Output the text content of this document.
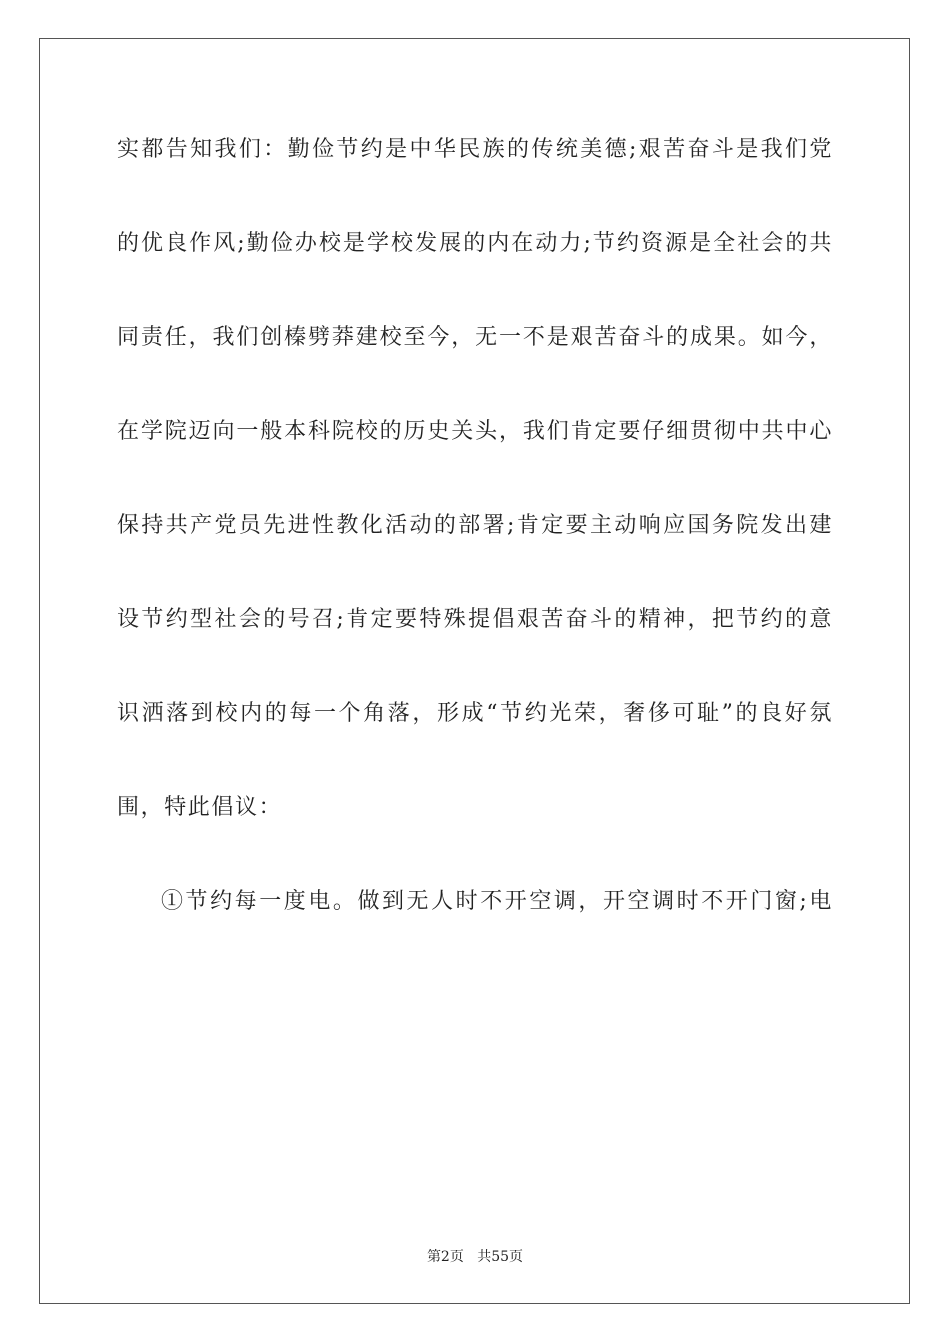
实都告知我们：勤俭节约是中华民族的传统美德;艰苦奋斗是我们党
的优良作风;勤俭办校是学校发展的内在动力;节约资源是全社会的共
同责任，我们创榛劈莽建校至今，无一不是艰苦奋斗的成果。如今，
在学院迈向一般本科院校的历史关头，我们肯定要仔细贯彻中共中心
保持共产党员先进性教化活动的部署;肯定要主动响应国务院发出建
设节约型社会的号召;肯定要特殊提倡艰苦奋斗的精神，把节约的意
识洒落到校内的每一个角落，形成“节约光荣，奢侈可耻”的良好氛
围，特此倡议：
①节约每一度电。做到无人时不开空调，开空调时不开门窗;电
第2页 共55页
